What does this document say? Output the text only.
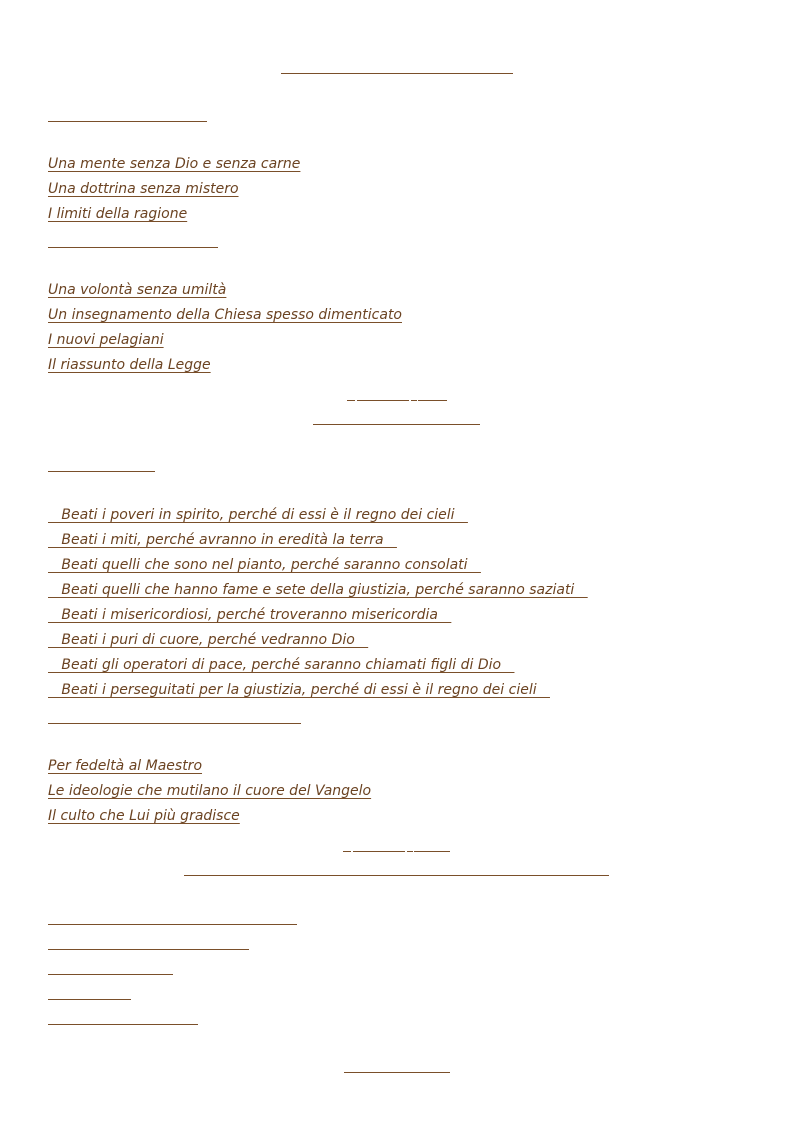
Una mente senza Dio e senza carne
Una dottrina senza mistero
I limiti della ragione
Una volontà senza umiltà
Un insegnamento della Chiesa spesso dimenticato
I nuovi pelagiani
Il riassunto della Legge
Beati i poveri in spirito, perché di essi è il regno dei cieli
Beati i miti, perché avranno in eredità la terra
Beati quelli che sono nel pianto, perché saranno consolati
Beati quelli che hanno fame e sete della giustizia, perché saranno saziati
Beati i misericordiosi, perché troveranno misericordia
Beati i puri di cuore, perché vedranno Dio
Beati gli operatori di pace, perché saranno chiamati figli di Dio
Beati i perseguitati per la giustizia, perché di essi è il regno dei cieli
Per fedeltà al Maestro
Le ideologie che mutilano il cuore del Vangelo
Il culto che Lui più gradisce
